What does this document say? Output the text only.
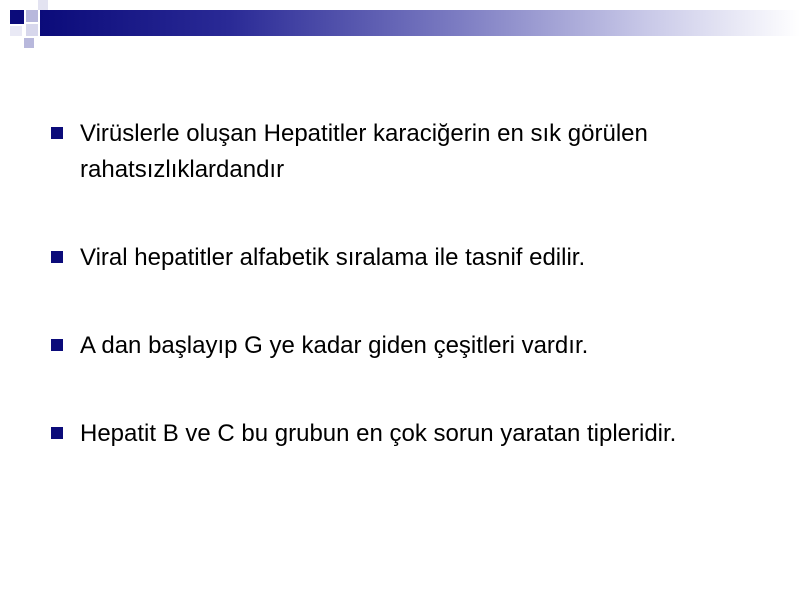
Virüslerle oluşan Hepatitler karaciğerin en sık görülen rahatsızlıklardandır
Viral hepatitler alfabetik sıralama ile tasnif edilir.
A dan başlayıp G ye kadar giden çeşitleri vardır.
Hepatit B ve C bu grubun en çok sorun yaratan tipleridir.
